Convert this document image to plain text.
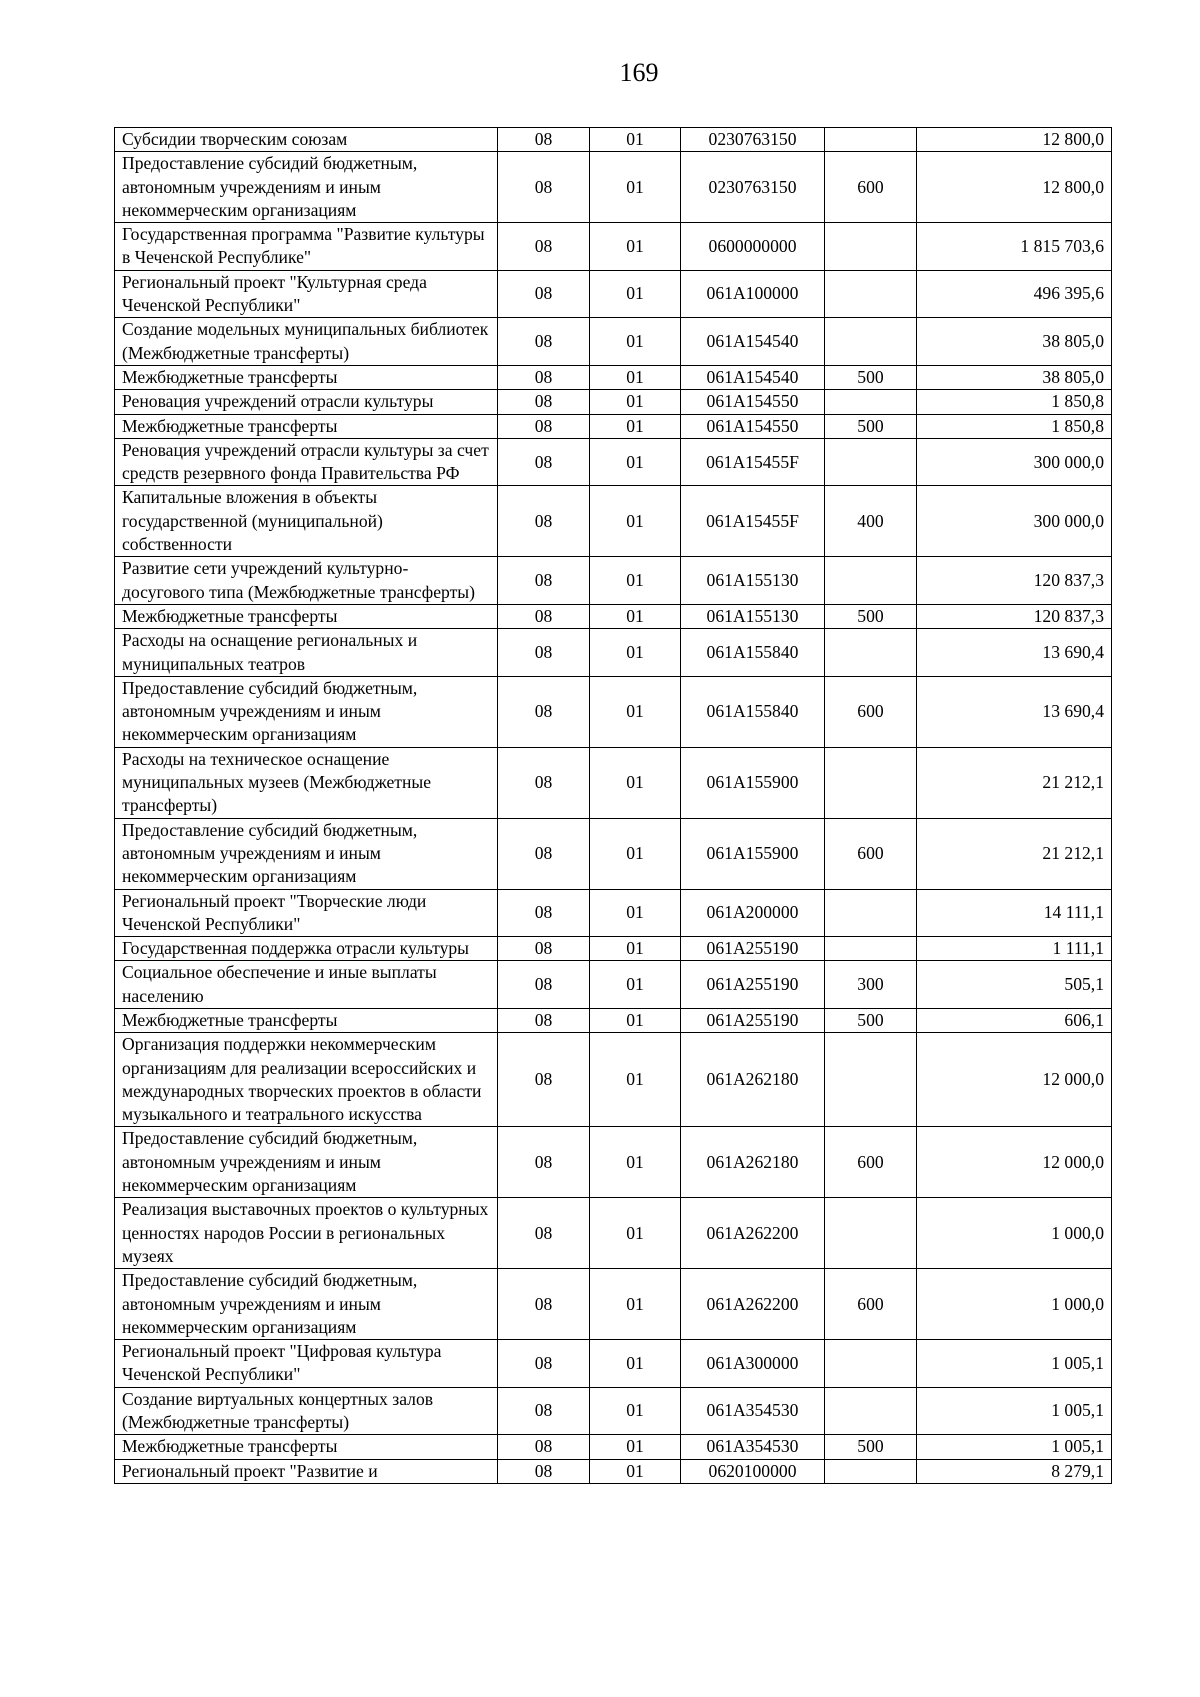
169
Субсидии творческим союзам	08	01	0230763150		12 800,0
Предоставление субсидий бюджетным, автономным учреждениям и иным некоммерческим организациям	08	01	0230763150	600	12 800,0
Государственная программа "Развитие культуры в Чеченской Республике"	08	01	0600000000		1 815 703,6
Региональный проект "Культурная среда Чеченской Республики"	08	01	061A100000		496 395,6
Создание модельных муниципальных библиотек (Межбюджетные трансферты)	08	01	061A154540		38 805,0
Межбюджетные трансферты	08	01	061A154540	500	38 805,0
Реновация учреждений отрасли культуры	08	01	061A154550		1 850,8
Межбюджетные трансферты	08	01	061A154550	500	1 850,8
Реновация учреждений отрасли культуры за счет средств резервного фонда Правительства РФ	08	01	061A15455F		300 000,0
Капитальные вложения в объекты государственной (муниципальной) собственности	08	01	061A15455F	400	300 000,0
Развитие сети учреждений культурно-досугового типа (Межбюджетные трансферты)	08	01	061A155130		120 837,3
Межбюджетные трансферты	08	01	061A155130	500	120 837,3
Расходы на оснащение региональных и муниципальных театров	08	01	061A155840		13 690,4
Предоставление субсидий бюджетным, автономным учреждениям и иным некоммерческим организациям	08	01	061A155840	600	13 690,4
Расходы на техническое оснащение муниципальных музеев (Межбюджетные трансферты)	08	01	061A155900		21 212,1
Предоставление субсидий бюджетным, автономным учреждениям и иным некоммерческим организациям	08	01	061A155900	600	21 212,1
Региональный проект "Творческие люди Чеченской Республики"	08	01	061A200000		14 111,1
Государственная поддержка отрасли культуры	08	01	061A255190		1 111,1
Социальное обеспечение и иные выплаты населению	08	01	061A255190	300	505,1
Межбюджетные трансферты	08	01	061A255190	500	606,1
Организация поддержки некоммерческим организациям для реализации всероссийских и международных творческих проектов в области музыкального и театрального искусства	08	01	061A262180		12 000,0
Предоставление субсидий бюджетным, автономным учреждениям и иным некоммерческим организациям	08	01	061A262180	600	12 000,0
Реализация выставочных проектов о культурных ценностях народов России в региональных музеях	08	01	061A262200		1 000,0
Предоставление субсидий бюджетным, автономным учреждениям и иным некоммерческим организациям	08	01	061A262200	600	1 000,0
Региональный проект "Цифровая культура Чеченской Республики"	08	01	061A300000		1 005,1
Создание виртуальных концертных залов (Межбюджетные трансферты)	08	01	061A354530		1 005,1
Межбюджетные трансферты	08	01	061A354530	500	1 005,1
Региональный проект "Развитие и	08	01	0620100000		8 279,1
